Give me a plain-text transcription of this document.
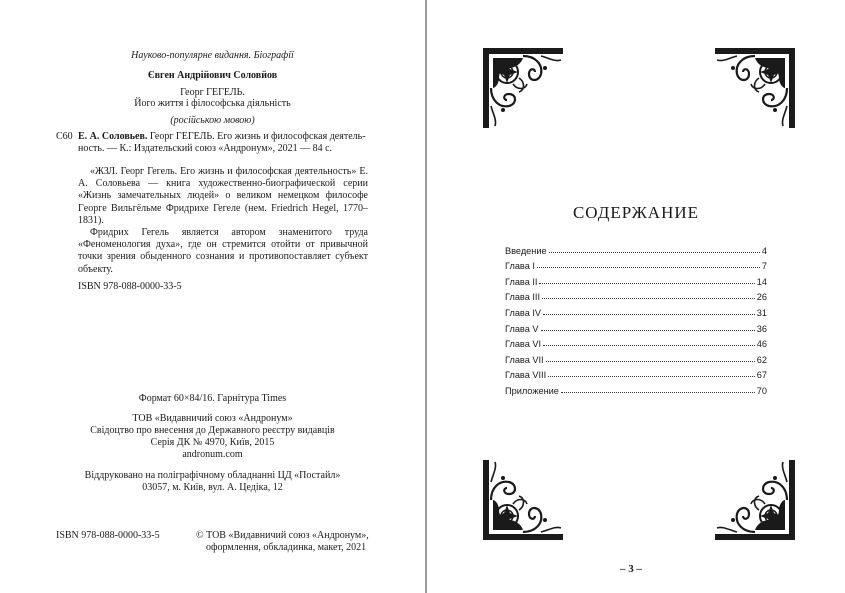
Науково-популярне видання. Біографії
Євген Андрійович Соловйов
Георг ГЕГЕЛЬ.
Його життя і філософська діяльність
(російською мовою)
С60 Е. А. Соловьев. Георг ГЕГЕЛЬ. Его жизнь и философская деятель-
ность. — К.: Издательский союз «Андронум», 2021 — 84 с.

«ЖЗЛ. Георг Гегель. Его жизнь и философская деятельность» Е. А. Соловьева — книга художественно-биографической серии «Жизнь замечательных людей» о великом немецком философе Гeорге Вильгёльме Фридрихе Гегеле (нем. Friedrich Hegel, 1770–1831).

Фридрих Гегель является автором знаменитого труда «Феноменология духа», где он стремится отойти от привычной точки зрения обыденного сознания и противопоставляет субъект объекту.

ISBN 978-088-0000-33-5
Формат 60×84/16. Гарнітура Times
ТОВ «Видавничий союз «Андронум»
Свідоцтво про внесення до Державного реєстру видавців
Серія ДК № 4970, Київ, 2015
andronum.com
Віддруковано на поліграфічному обладнанні ЦД «Постайл»
03057, м. Київ, вул. А. Цедіка, 12
ISBN 978-088-0000-33-5	© ТОВ «Видавничий союз «Андронум»,
оформлення, обкладинка, макет, 2021
СОДЕРЖАНИЕ
Введение	4
Глава I	7
Глава II	14
Глава III	26
Глава IV	31
Глава V	36
Глава VI	46
Глава VII	62
Глава VIII	67
Приложение	70
– 3 –
